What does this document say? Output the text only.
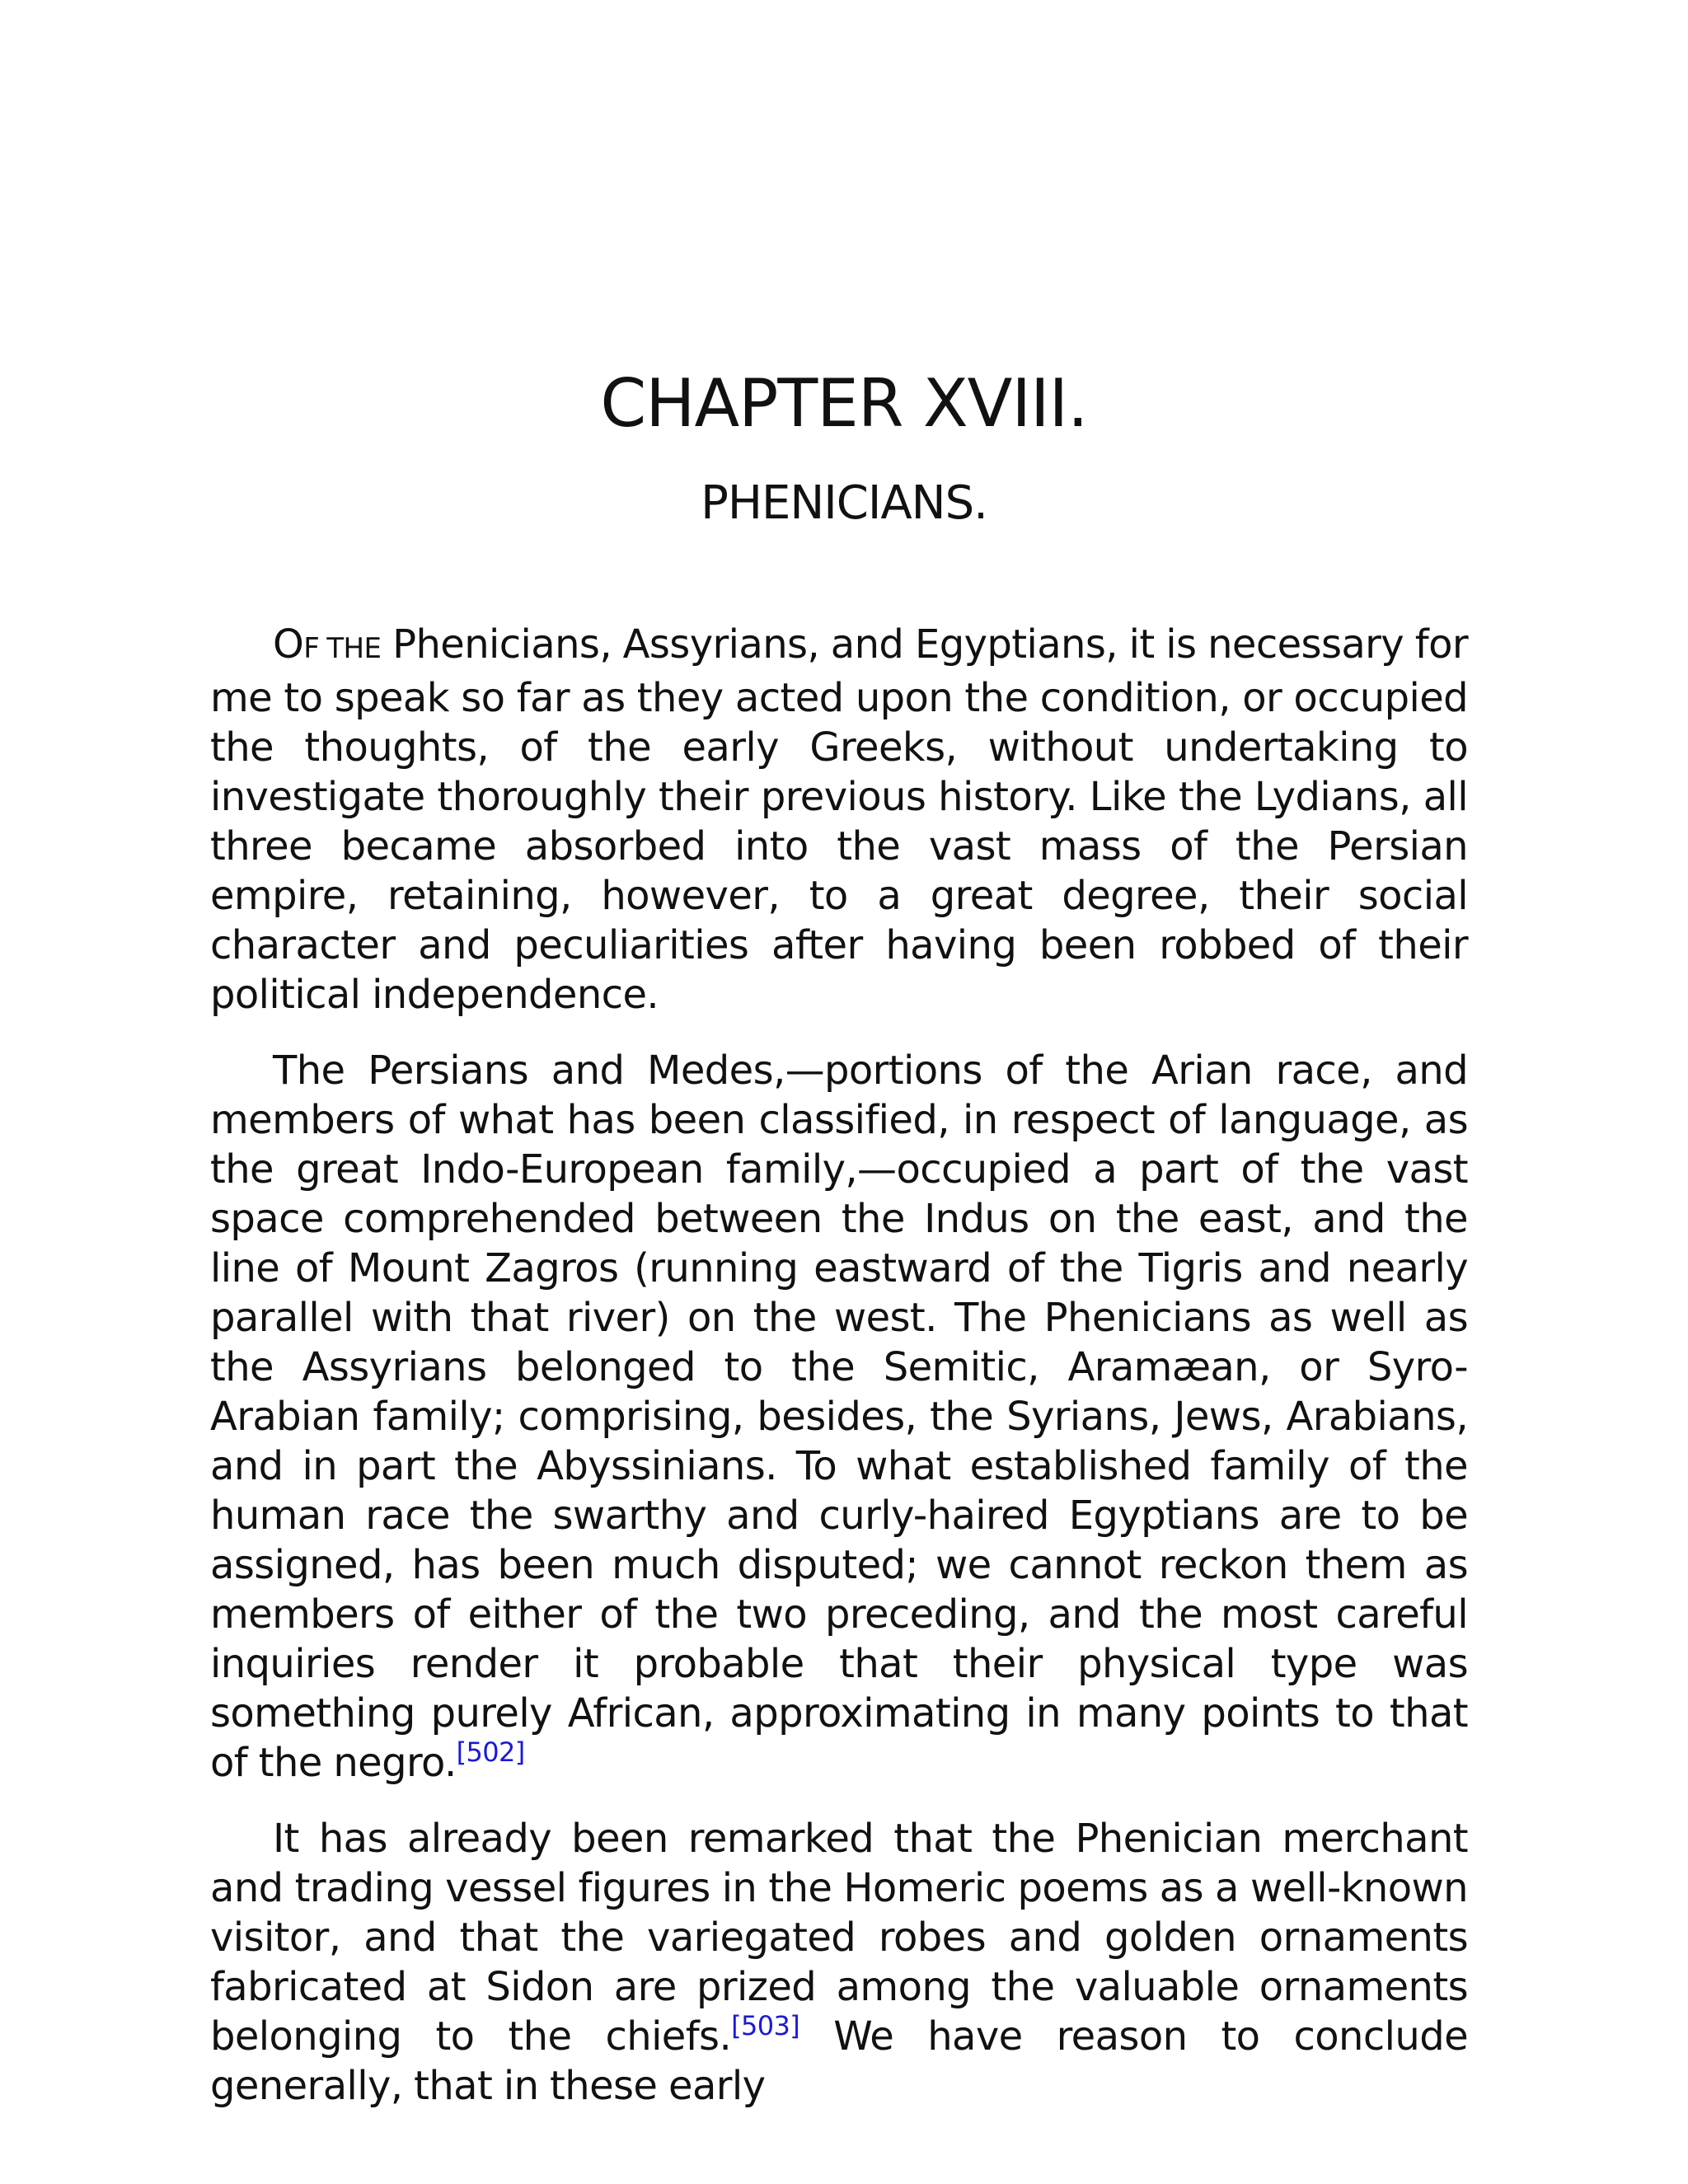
CHAPTER XVIII.
PHENICIANS.

OF THE Phenicians, Assyrians, and Egyptians, it is necessary for me to speak so far as they acted upon the condition, or occupied the thoughts, of the early Greeks, without undertaking to investigate thoroughly their previous history. Like the Lydians, all three became absorbed into the vast mass of the Persian empire, retaining, however, to a great degree, their social character and peculiarities after having been robbed of their political independence.

The Persians and Medes,—portions of the Arian race, and members of what has been classified, in respect of language, as the great Indo-European family,—occupied a part of the vast space comprehended between the Indus on the east, and the line of Mount Zagros (running eastward of the Tigris and nearly parallel with that river) on the west. The Phenicians as well as the Assyrians belonged to the Semitic, Aramæan, or Syro-Arabian family; comprising, besides, the Syrians, Jews, Arabians, and in part the Abyssinians. To what established family of the human race the swarthy and curly-haired Egyptians are to be assigned, has been much disputed; we cannot reckon them as members of either of the two preceding, and the most careful inquiries render it probable that their physical type was something purely African, approximating in many points to that of the negro.[502]

It has already been remarked that the Phenician merchant and trading vessel figures in the Homeric poems as a well-known visitor, and that the variegated robes and golden ornaments fabricated at Sidon are prized among the valuable ornaments belonging to the chiefs.[503] We have reason to conclude generally, that in these early
